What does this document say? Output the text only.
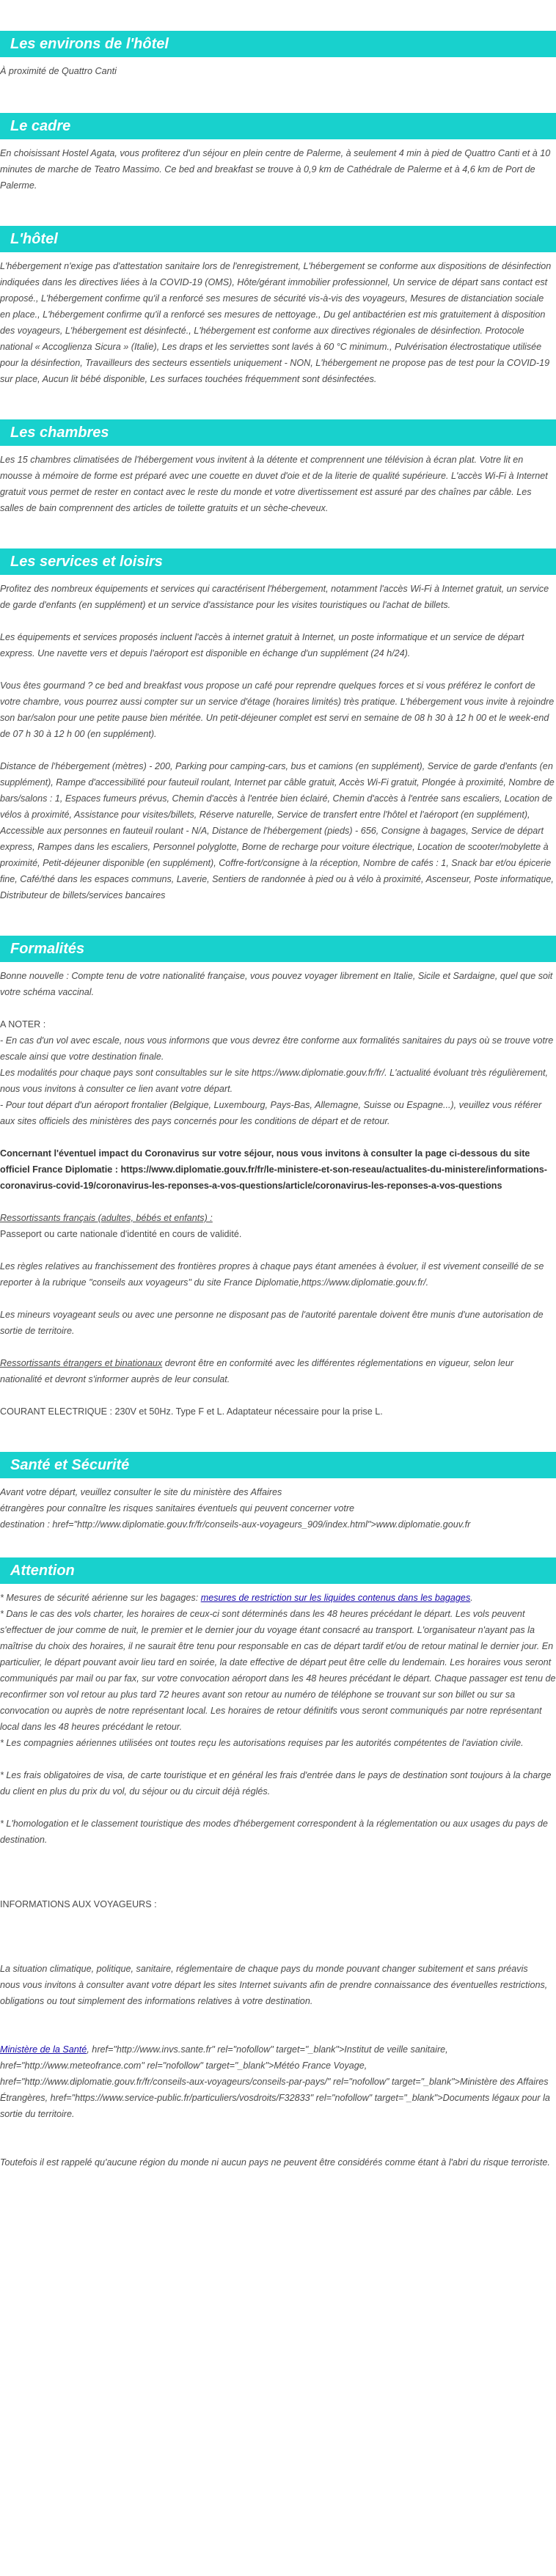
Les environs de l'hôtel

À proximité de Quattro Canti

Le cadre

En choisissant Hostel Agata, vous profiterez d'un séjour en plein centre de Palerme, à seulement 4 min à pied de Quattro Canti et à 10 minutes de marche de Teatro Massimo. Ce bed and breakfast se trouve à 0,9 km de Cathédrale de Palerme et à 4,6 km de Port de Palerme.

L'hôtel

L'hébergement n'exige pas d'attestation sanitaire lors de l'enregistrement, L'hébergement se conforme aux dispositions de désinfection indiquées dans les directives liées à la COVID-19 (OMS), Hôte/gérant immobilier professionnel, Un service de départ sans contact est proposé., L'hébergement confirme qu'il a renforcé ses mesures de sécurité vis-à-vis des voyageurs, Mesures de distanciation sociale en place., L'hébergement confirme qu'il a renforcé ses mesures de nettoyage., Du gel antibactérien est mis gratuitement à disposition des voyageurs, L'hébergement est désinfecté., L'hébergement est conforme aux directives régionales de désinfection. Protocole national « Accoglienza Sicura » (Italie), Les draps et les serviettes sont lavés à 60 °C minimum., Pulvérisation électrostatique utilisée pour la désinfection, Travailleurs des secteurs essentiels uniquement - NON, L'hébergement ne propose pas de test pour la COVID-19 sur place, Aucun lit bébé disponible, Les surfaces touchées fréquemment sont désinfectées.

Les chambres

Les 15 chambres climatisées de l'hébergement vous invitent à la détente et comprennent une télévision à écran plat. Votre lit en mousse à mémoire de forme est préparé avec une couette en duvet d'oie et de la literie de qualité supérieure. L'accès Wi-Fi à Internet gratuit vous permet de rester en contact avec le reste du monde et votre divertissement est assuré par des chaînes par câble. Les salles de bain comprennent des articles de toilette gratuits et un sèche-cheveux.

Les services et loisirs

Profitez des nombreux équipements et services qui caractérisent l'hébergement, notamment l'accès Wi-Fi à Internet gratuit, un service de garde d'enfants (en supplément) et un service d'assistance pour les visites touristiques ou l'achat de billets.

Les équipements et services proposés incluent l'accès à internet gratuit à Internet, un poste informatique et un service de départ express. Une navette vers et depuis l'aéroport est disponible en échange d'un supplément (24 h/24).

Vous êtes gourmand ? ce bed and breakfast vous propose un café pour reprendre quelques forces et si vous préférez le confort de votre chambre, vous pourrez aussi compter sur un service d'étage (horaires limités) très pratique. L'hébergement vous invite à rejoindre son bar/salon pour une petite pause bien méritée. Un petit-déjeuner complet est servi en semaine de 08 h 30 à 12 h 00 et le week-end de 07 h 30 à 12 h 00 (en supplément).

Distance de l'hébergement (mètres) - 200, Parking pour camping-cars, bus et camions (en supplément), Service de garde d'enfants (en supplément), Rampe d'accessibilité pour fauteuil roulant, Internet par câble gratuit, Accès Wi-Fi gratuit, Plongée à proximité, Nombre de bars/salons : 1, Espaces fumeurs prévus, Chemin d'accès à l'entrée bien éclairé, Chemin d'accès à l'entrée sans escaliers, Location de vélos à proximité, Assistance pour visites/billets, Réserve naturelle, Service de transfert entre l'hôtel et l'aéroport (en supplément), Accessible aux personnes en fauteuil roulant - N/A, Distance de l'hébergement (pieds) - 656, Consigne à bagages, Service de départ express, Rampes dans les escaliers, Personnel polyglotte, Borne de recharge pour voiture électrique, Location de scooter/mobylette à proximité, Petit-déjeuner disponible (en supplément), Coffre-fort/consigne à la réception, Nombre de cafés : 1, Snack bar et/ou épicerie fine, Café/thé dans les espaces communs, Laverie, Sentiers de randonnée à pied ou à vélo à proximité, Ascenseur, Poste informatique, Distributeur de billets/services bancaires

Formalités

Bonne nouvelle : Compte tenu de votre nationalité française, vous pouvez voyager librement en Italie, Sicile et Sardaigne, quel que soit votre schéma vaccinal.

A NOTER :

- En cas d'un vol avec escale, nous vous informons que vous devrez être conforme aux formalités sanitaires du pays où se trouve votre escale ainsi que votre destination finale.

Les modalités pour chaque pays sont consultables sur le site https://www.diplomatie.gouv.fr/fr/. L'actualité évoluant très régulièrement, nous vous invitons à consulter ce lien avant votre départ.

- Pour tout départ d'un aéroport frontalier (Belgique, Luxembourg, Pays-Bas, Allemagne, Suisse ou Espagne...), veuillez vous référer aux sites officiels des ministères des pays concernés pour les conditions de départ et de retour.

Concernant l'éventuel impact du Coronavirus sur votre séjour, nous vous invitons à consulter la page ci-dessous du site officiel France Diplomatie : https://www.diplomatie.gouv.fr/fr/le-ministere-et-son-reseau/actualites-du-ministere/informations-coronavirus-covid-19/coronavirus-les-reponses-a-vos-questions/article/coronavirus-les-reponses-a-vos-questions

Ressortissants français (adultes, bébés et enfants) :

Passeport ou carte nationale d'identité en cours de validité.

Les règles relatives au franchissement des frontières propres à chaque pays étant amenées à évoluer, il est vivement conseillé de se reporter à la rubrique "conseils aux voyageurs" du site France Diplomatie,https://www.diplomatie.gouv.fr/.

Les mineurs voyageant seuls ou avec une personne ne disposant pas de l'autorité parentale doivent être munis d'une autorisation de sortie de territoire.

Ressortissants étrangers et binationaux devront être en conformité avec les différentes réglementations en vigueur, selon leur nationalité et devront s'informer auprès de leur consulat.

COURANT ELECTRIQUE : 230V et 50Hz. Type F et L. Adaptateur nécessaire pour la prise L.

Santé et Sécurité

Avant votre départ, veuillez consulter le site du ministère des Affaires

étrangères pour connaître les risques sanitaires éventuels qui peuvent concerner votre

destination : href="http://www.diplomatie.gouv.fr/fr/conseils-aux-voyageurs_909/index.html">www.diplomatie.gouv.fr

Attention

* Mesures de sécurité aérienne sur les bagages: mesures de restriction sur les liquides contenus dans les bagages.

* Dans le cas des vols charter, les horaires de ceux-ci sont déterminés dans les 48 heures précédant le départ. Les vols peuvent s'effectuer de jour comme de nuit, le premier et le dernier jour du voyage étant consacré au transport. L'organisateur n'ayant pas la maîtrise du choix des horaires, il ne saurait être tenu pour responsable en cas de départ tardif et/ou de retour matinal le dernier jour. En particulier, le départ pouvant avoir lieu tard en soirée, la date effective de départ peut être celle du lendemain. Les horaires vous seront communiqués par mail ou par fax, sur votre convocation aéroport dans les 48 heures précédant le départ. Chaque passager est tenu de reconfirmer son vol retour au plus tard 72 heures avant son retour au numéro de téléphone se trouvant sur son billet ou sur sa convocation ou auprès de notre représentant local. Les horaires de retour définitifs vous seront communiqués par notre représentant local dans les 48 heures précédant le retour.

* Les compagnies aériennes utilisées ont toutes reçu les autorisations requises par les autorités compétentes de l'aviation civile.

* Les frais obligatoires de visa, de carte touristique et en général les frais d'entrée dans le pays de destination sont toujours à la charge du client en plus du prix du vol, du séjour ou du circuit déjà réglés.

* L'homologation et le classement touristique des modes d'hébergement correspondent à la réglementation ou aux usages du pays de destination.

INFORMATIONS AUX VOYAGEURS :

La situation climatique, politique, sanitaire, réglementaire de chaque pays du monde pouvant changer subitement et sans préavis

nous vous invitons à consulter avant votre départ les sites Internet suivants afin de prendre connaissance des éventuelles restrictions, obligations ou tout simplement des informations relatives à votre destination.

Ministère de la Santé, href="http://www.invs.sante.fr" rel="nofollow" target="_blank">Institut de veille sanitaire, href="http://www.meteofrance.com" rel="nofollow" target="_blank">Météo France Voyage, href="http://www.diplomatie.gouv.fr/fr/conseils-aux-voyageurs/conseils-par-pays/" rel="nofollow" target="_blank">Ministère des Affaires Étrangères, href="https://www.service-public.fr/particuliers/vosdroits/F32833" rel="nofollow" target="_blank">Documents légaux pour la sortie du territoire.

Toutefois il est rappelé qu'aucune région du monde ni aucun pays ne peuvent être considérés comme étant à l'abri du risque terroriste.
